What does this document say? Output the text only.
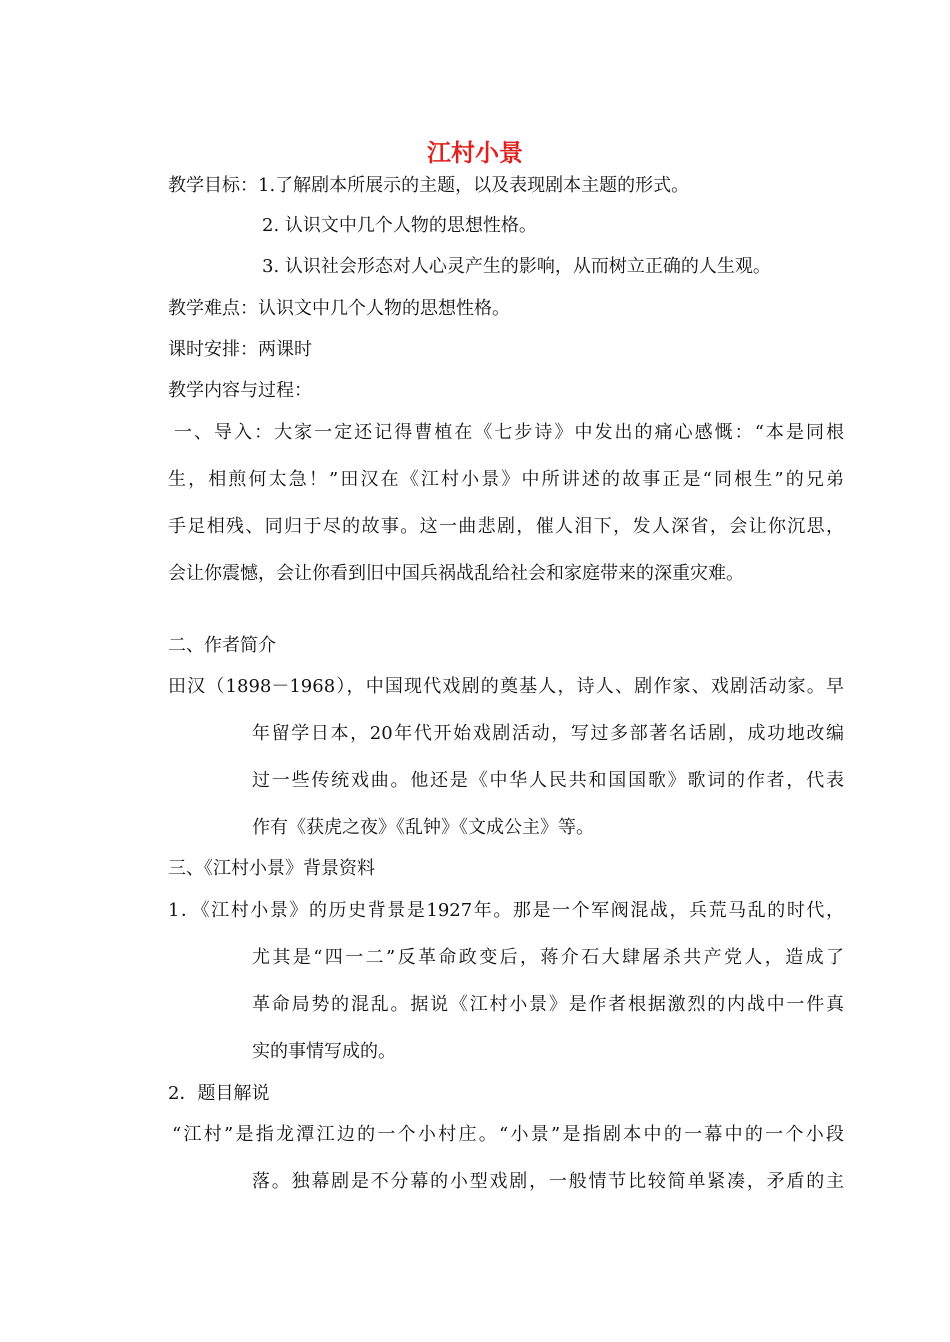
江村小景
教学目标：1.了解剧本所展示的主题，以及表现剧本主题的形式。
2. 认识文中几个人物的思想性格。
3. 认识社会形态对人心灵产生的影响，从而树立正确的人生观。
教学难点：认识文中几个人物的思想性格。
课时安排：两课时
教学内容与过程：
一、导入：大家一定还记得曹植在《七步诗》中发出的痛心感慨：“本是同根
生，相煎何太急！”田汉在《江村小景》中所讲述的故事正是“同根生”的兄弟
手足相残、同归于尽的故事。这一曲悲剧，催人泪下，发人深省，会让你沉思，
会让你震憾，会让你看到旧中国兵祸战乱给社会和家庭带来的深重灾难。
二、作者简介
田汉（1898－1968），中国现代戏剧的奠基人，诗人、剧作家、戏剧活动家。早
年留学日本，20年代开始戏剧活动，写过多部著名话剧，成功地改编
过一些传统戏曲。他还是《中华人民共和国国歌》歌词的作者，代表
作有《获虎之夜》《乱钟》《文成公主》等。
三、《江村小景》背景资料
1．《江村小景》的历史背景是1927年。那是一个军阀混战，兵荒马乱的时代，
尤其是“四一二”反革命政变后，蒋介石大肆屠杀共产党人，造成了
革命局势的混乱。据说《江村小景》是作者根据激烈的内战中一件真
实的事情写成的。
2．题目解说
“江村”是指龙潭江边的一个小村庄。“小景”是指剧本中的一幕中的一个小段
落。独幕剧是不分幕的小型戏剧，一般情节比较简单紧凑，矛盾的主
